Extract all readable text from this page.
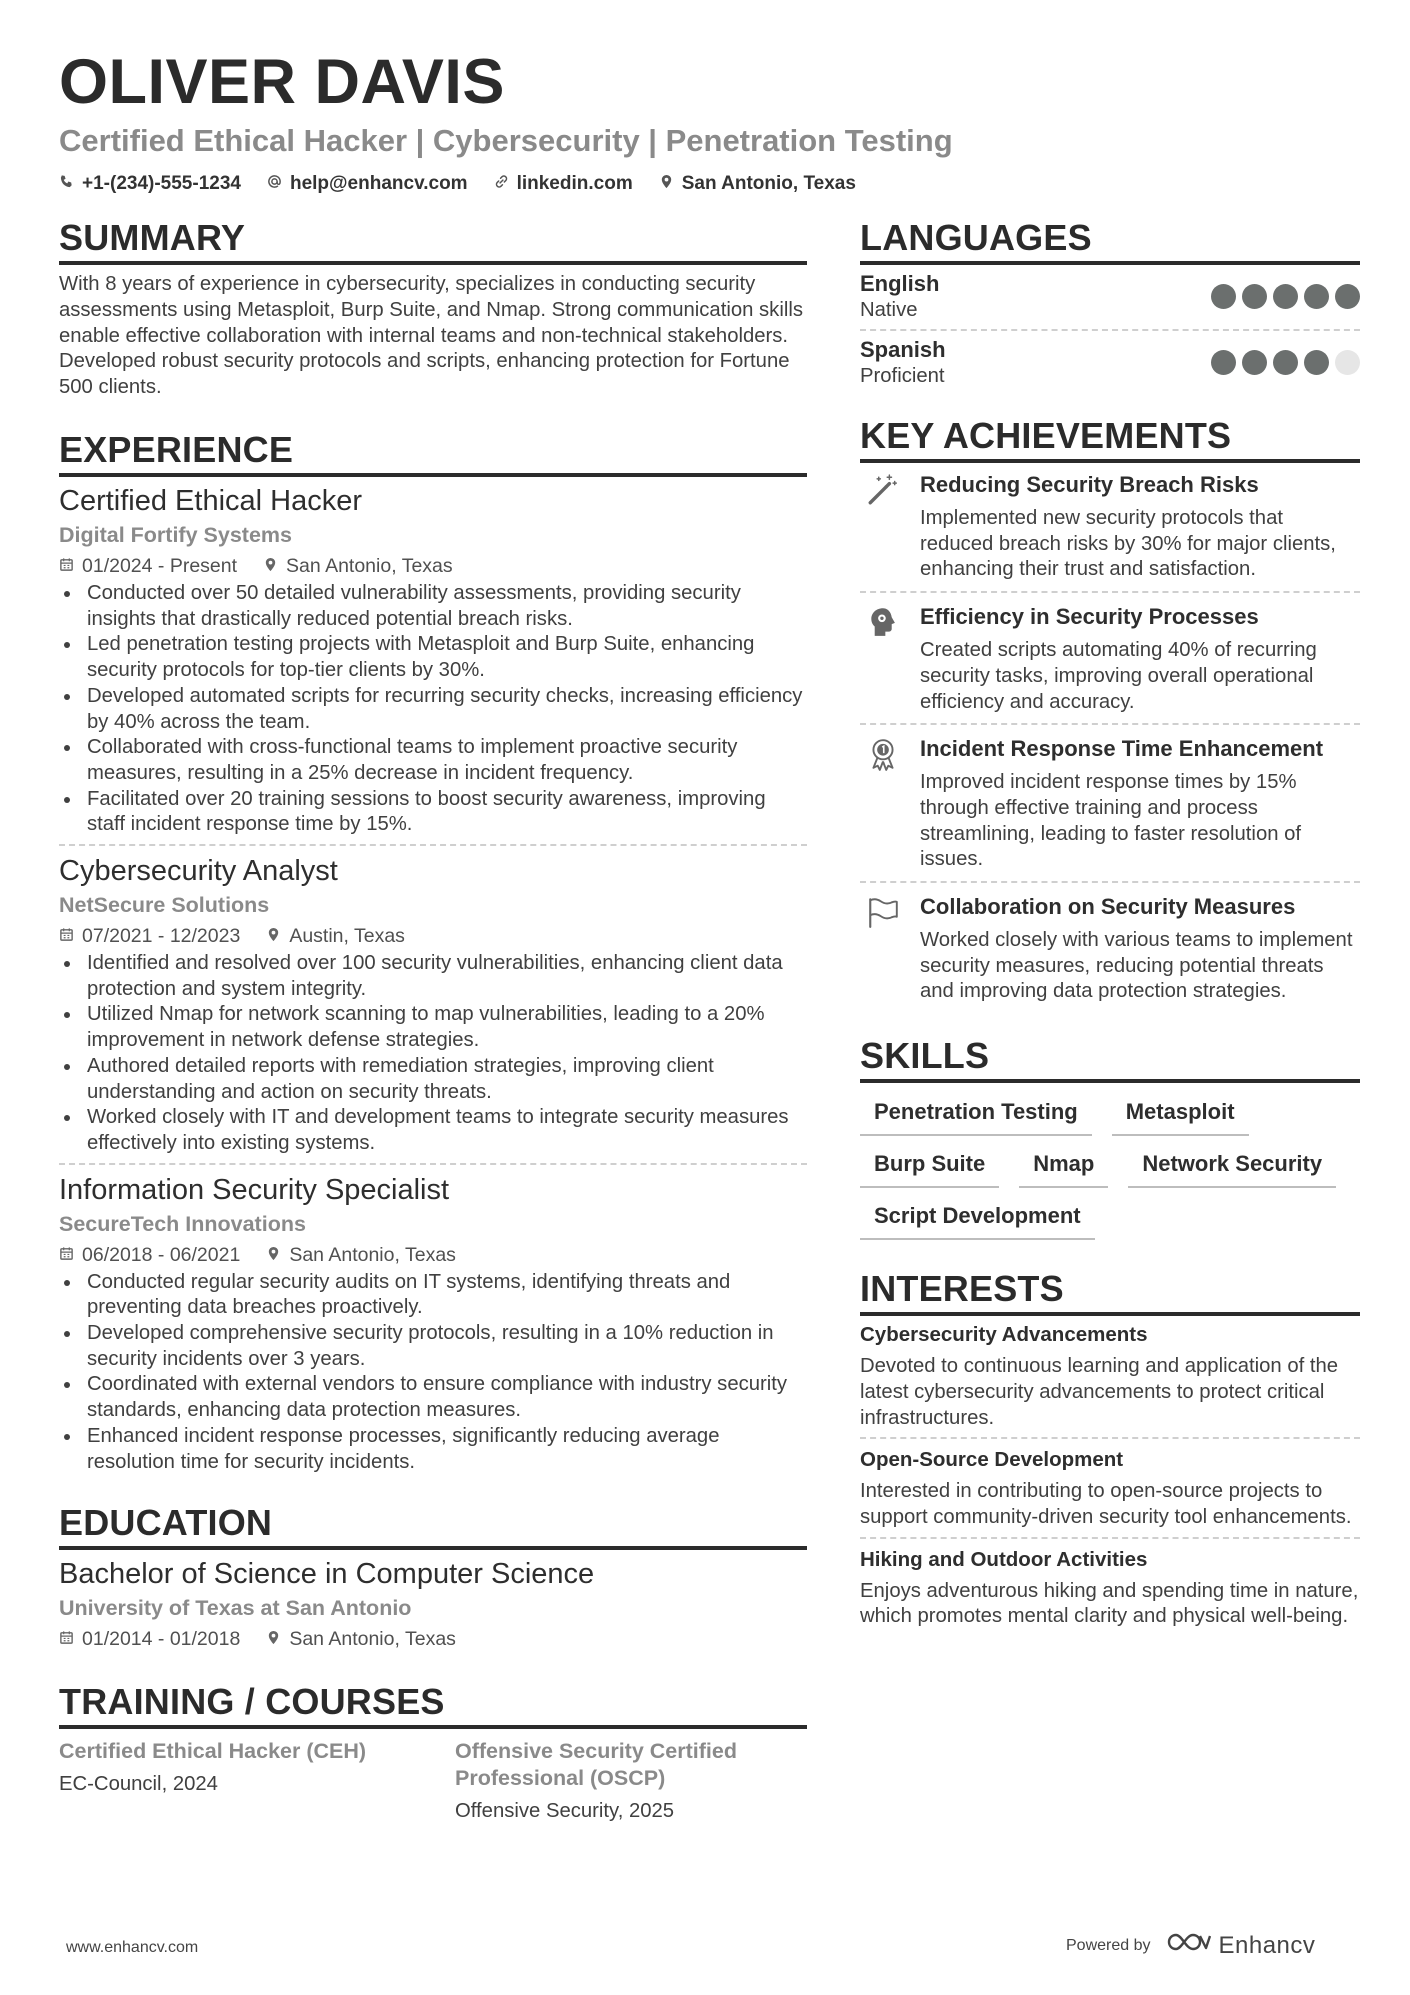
OLIVER DAVIS
Certified Ethical Hacker | Cybersecurity | Penetration Testing
+1-(234)-555-1234	help@enhancv.com	linkedin.com	San Antonio, Texas
SUMMARY
With 8 years of experience in cybersecurity, specializes in conducting security assessments using Metasploit, Burp Suite, and Nmap. Strong communication skills enable effective collaboration with internal teams and non-technical stakeholders. Developed robust security protocols and scripts, enhancing protection for Fortune 500 clients.
EXPERIENCE
Certified Ethical Hacker
Digital Fortify Systems
01/2024 - Present	San Antonio, Texas
Conducted over 50 detailed vulnerability assessments, providing security insights that drastically reduced potential breach risks.
Led penetration testing projects with Metasploit and Burp Suite, enhancing security protocols for top-tier clients by 30%.
Developed automated scripts for recurring security checks, increasing efficiency by 40% across the team.
Collaborated with cross-functional teams to implement proactive security measures, resulting in a 25% decrease in incident frequency.
Facilitated over 20 training sessions to boost security awareness, improving staff incident response time by 15%.
Cybersecurity Analyst
NetSecure Solutions
07/2021 - 12/2023	Austin, Texas
Identified and resolved over 100 security vulnerabilities, enhancing client data protection and system integrity.
Utilized Nmap for network scanning to map vulnerabilities, leading to a 20% improvement in network defense strategies.
Authored detailed reports with remediation strategies, improving client understanding and action on security threats.
Worked closely with IT and development teams to integrate security measures effectively into existing systems.
Information Security Specialist
SecureTech Innovations
06/2018 - 06/2021	San Antonio, Texas
Conducted regular security audits on IT systems, identifying threats and preventing data breaches proactively.
Developed comprehensive security protocols, resulting in a 10% reduction in security incidents over 3 years.
Coordinated with external vendors to ensure compliance with industry security standards, enhancing data protection measures.
Enhanced incident response processes, significantly reducing average resolution time for security incidents.
EDUCATION
Bachelor of Science in Computer Science
University of Texas at San Antonio
01/2014 - 01/2018	San Antonio, Texas
TRAINING / COURSES
Certified Ethical Hacker (CEH)
EC-Council, 2024
Offensive Security Certified Professional (OSCP)
Offensive Security, 2025
LANGUAGES
English
Native
Spanish
Proficient
KEY ACHIEVEMENTS
Reducing Security Breach Risks
Implemented new security protocols that reduced breach risks by 30% for major clients, enhancing their trust and satisfaction.
Efficiency in Security Processes
Created scripts automating 40% of recurring security tasks, improving overall operational efficiency and accuracy.
Incident Response Time Enhancement
Improved incident response times by 15% through effective training and process streamlining, leading to faster resolution of issues.
Collaboration on Security Measures
Worked closely with various teams to implement security measures, reducing potential threats and improving data protection strategies.
SKILLS
Penetration Testing	Metasploit
Burp Suite	Nmap	Network Security
Script Development
INTERESTS
Cybersecurity Advancements
Devoted to continuous learning and application of the latest cybersecurity advancements to protect critical infrastructures.
Open-Source Development
Interested in contributing to open-source projects to support community-driven security tool enhancements.
Hiking and Outdoor Activities
Enjoys adventurous hiking and spending time in nature, which promotes mental clarity and physical well-being.
www.enhancv.com	Powered by	Enhancv
